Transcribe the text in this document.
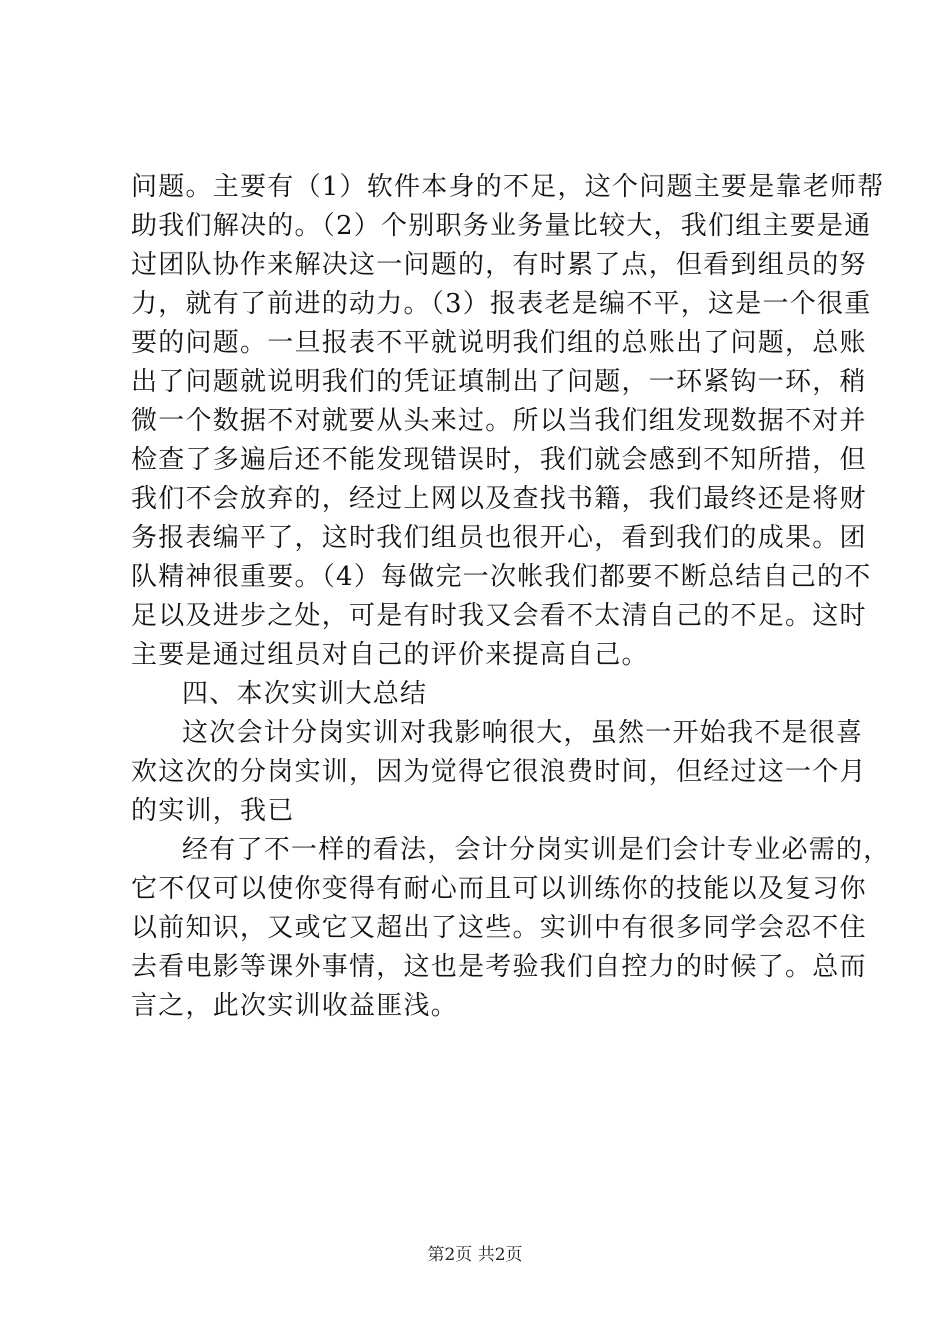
问题。主要有（1）软件本身的不足，这个问题主要是靠老师帮
助我们解决的。（2）个别职务业务量比较大，我们组主要是通
过团队协作来解决这一问题的，有时累了点，但看到组员的努
力，就有了前进的动力。（3）报表老是编不平，这是一个很重
要的问题。一旦报表不平就说明我们组的总账出了问题，总账
出了问题就说明我们的凭证填制出了问题，一环紧钩一环，稍
微一个数据不对就要从头来过。所以当我们组发现数据不对并
检查了多遍后还不能发现错误时，我们就会感到不知所措，但
我们不会放弃的，经过上网以及查找书籍，我们最终还是将财
务报表编平了，这时我们组员也很开心，看到我们的成果。团
队精神很重要。（4）每做完一次帐我们都要不断总结自己的不
足以及进步之处，可是有时我又会看不太清自己的不足。这时
主要是通过组员对自己的评价来提高自己。
四、本次实训大总结
这次会计分岗实训对我影响很大，虽然一开始我不是很喜
欢这次的分岗实训，因为觉得它很浪费时间，但经过这一个月
的实训，我已
经有了不一样的看法，会计分岗实训是们会计专业必需的，
它不仅可以使你变得有耐心而且可以训练你的技能以及复习你
以前知识，又或它又超出了这些。实训中有很多同学会忍不住
去看电影等课外事情，这也是考验我们自控力的时候了。总而
言之，此次实训收益匪浅。
第2页 共2页
